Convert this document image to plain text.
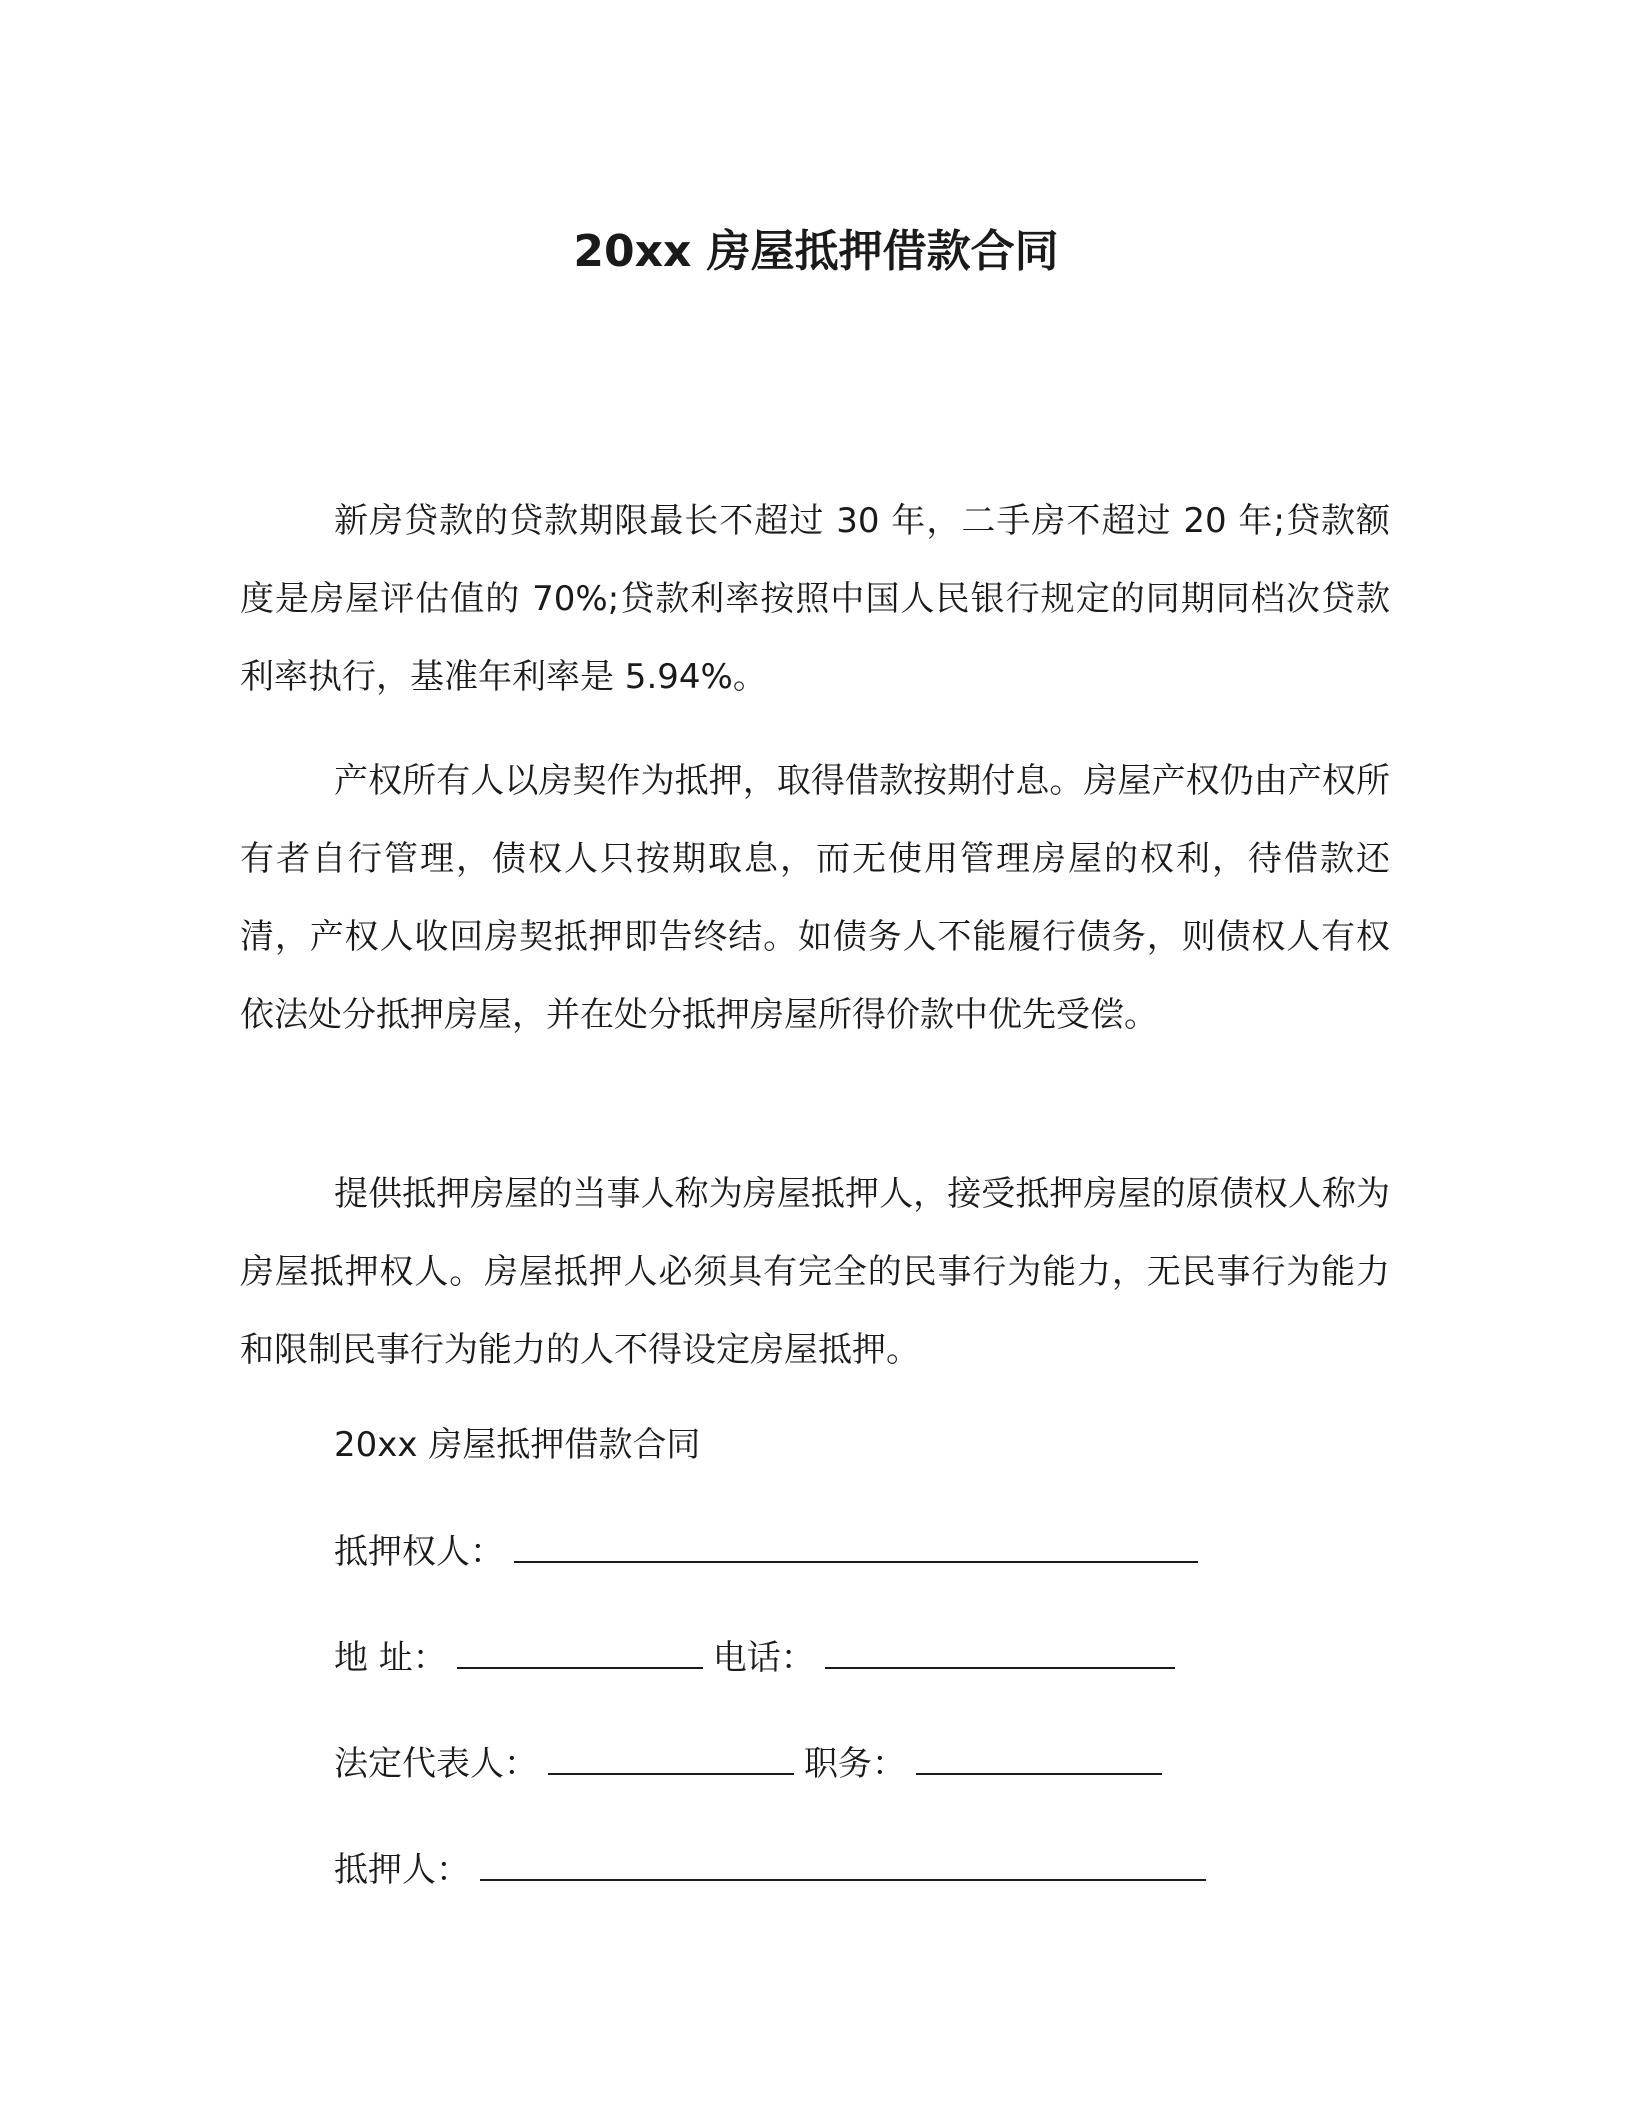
20xx 房屋抵押借款合同

新房贷款的贷款期限最长不超过 30 年，二手房不超过 20 年;贷款额度是房屋评估值的 70%;贷款利率按照中国人民银行规定的同期同档次贷款利率执行，基准年利率是 5.94%。

产权所有人以房契作为抵押，取得借款按期付息。房屋产权仍由产权所有者自行管理，债权人只按期取息，而无使用管理房屋的权利，待借款还清，产权人收回房契抵押即告终结。如债务人不能履行债务，则债权人有权依法处分抵押房屋，并在处分抵押房屋所得价款中优先受偿。

提供抵押房屋的当事人称为房屋抵押人，接受抵押房屋的原债权人称为房屋抵押权人。房屋抵押人必须具有完全的民事行为能力，无民事行为能力和限制民事行为能力的人不得设定房屋抵押。

20xx 房屋抵押借款合同

抵押权人：

地 址：	电话：

法定代表人：	职务：

抵押人：
